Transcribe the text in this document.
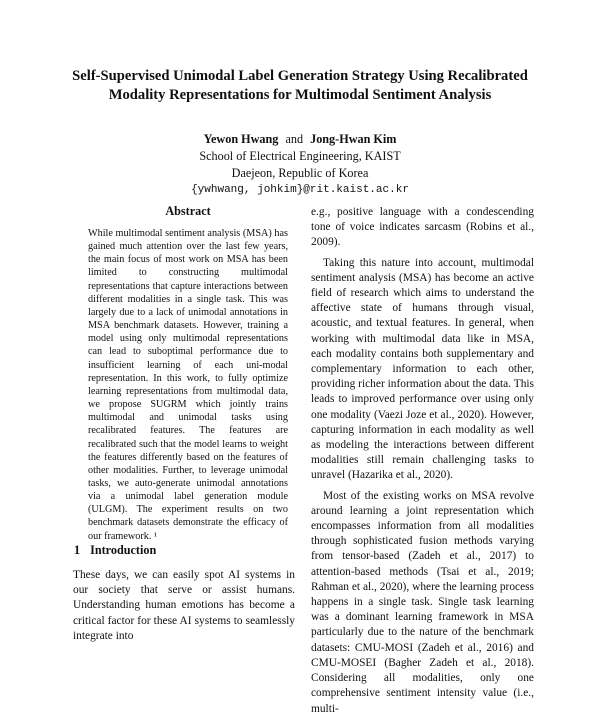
Self-Supervised Unimodal Label Generation Strategy Using Recalibrated
Modality Representations for Multimodal Sentiment Analysis
Yewon Hwang and Jong-Hwan Kim
School of Electrical Engineering, KAIST
Daejeon, Republic of Korea
{ywhwang, johkim}@rit.kaist.ac.kr
Abstract

While multimodal sentiment analysis (MSA) has gained much attention over the last few years, the main focus of most work on MSA has been limited to constructing multimodal representations that capture interactions between different modalities in a single task. This was largely due to a lack of unimodal annotations in MSA benchmark datasets. However, training a model using only multimodal representations can lead to suboptimal performance due to insufficient learning of each uni-modal representation. In this work, to fully optimize learning representations from multimodal data, we propose SUGRM which jointly trains multimodal and unimodal tasks using recalibrated features. The features are recalibrated such that the model learns to weight the features differently based on the features of other modalities. Further, to leverage unimodal tasks, we auto-generate unimodal annotations via a unimodal label generation module (ULGM). The experiment results on two benchmark datasets demonstrate the efficacy of our framework. ¹

1 Introduction

These days, we can easily spot AI systems in our society that serve or assist humans. Understanding human emotions has become a critical factor for these AI systems to seamlessly integrate into

e.g., positive language with a condescending tone of voice indicates sarcasm (Robins et al., 2009).

Taking this nature into account, multimodal sentiment analysis (MSA) has become an active field of research which aims to understand the affective state of humans through visual, acoustic, and textual features. In general, when working with multimodal data like in MSA, each modality contains both supplementary and complementary information to each other, providing richer information about the data. This leads to improved performance over using only one modality (Vaezi Joze et al., 2020). However, capturing information in each modality as well as modeling the interactions between different modalities still remain challenging tasks to unravel (Hazarika et al., 2020).

Most of the existing works on MSA revolve around learning a joint representation which encompasses information from all modalities through sophisticated fusion methods varying from tensor-based (Zadeh et al., 2017) to attention-based methods (Tsai et al., 2019; Rahman et al., 2020), where the learning process happens in a single task. Single task learning was a dominant learning framework in MSA particularly due to the nature of the benchmark datasets: CMU-MOSI (Zadeh et al., 2016) and CMU-MOSEI (Bagher Zadeh et al., 2018). Considering all modalities, only one comprehensive sentiment intensity value (i.e., multi-
